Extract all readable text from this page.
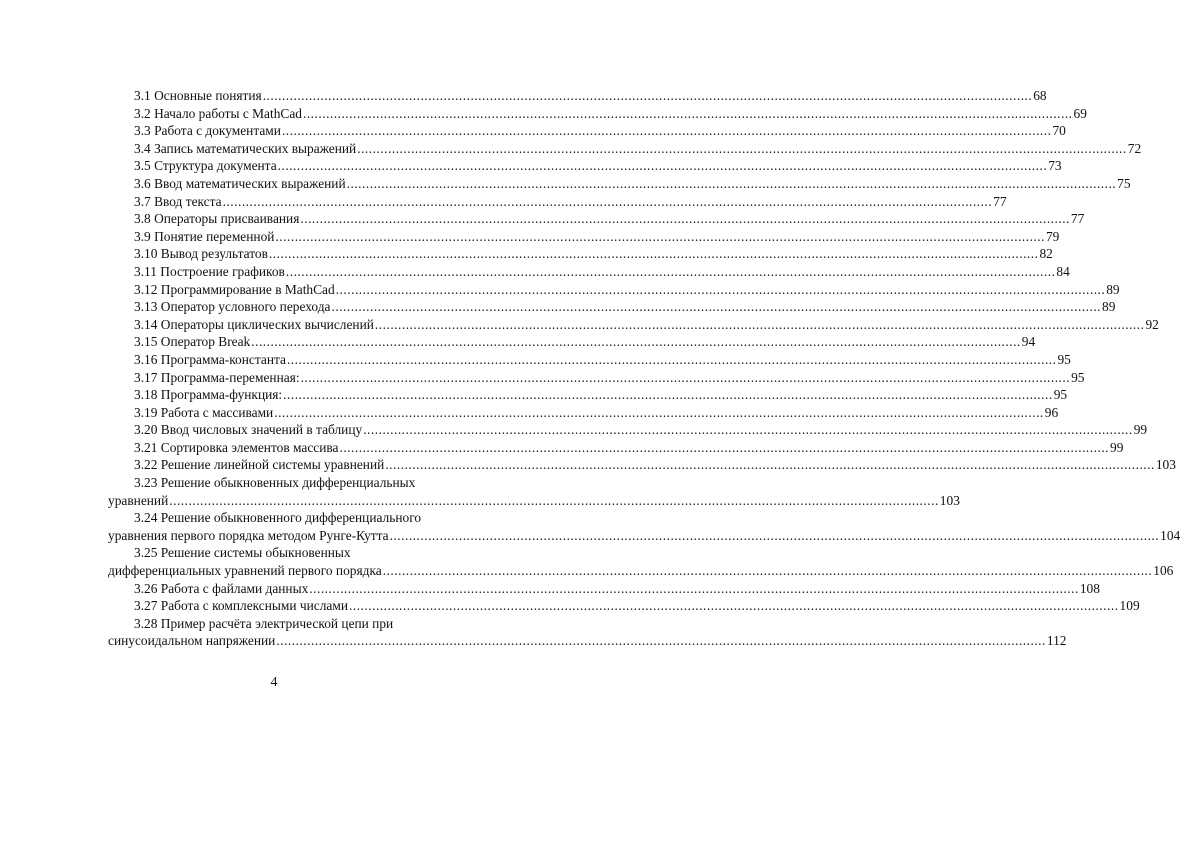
3.1 Основные понятия ........................................................................................................................................................................................................ 68
3.2 Начало работы с MathCad ........................................................................................................................................................................................................ 69
3.3 Работа с документами ........................................................................................................................................................................................................ 70
3.4 Запись математических выражений ........................................................................................................................................................................................................ 72
3.5 Структура документа ........................................................................................................................................................................................................ 73
3.6 Ввод математических выражений ........................................................................................................................................................................................................ 75
3.7 Ввод текста ........................................................................................................................................................................................................ 77
3.8 Операторы присваивания ........................................................................................................................................................................................................ 77
3.9 Понятие переменной ........................................................................................................................................................................................................ 79
3.10 Вывод результатов ........................................................................................................................................................................................................ 82
3.11 Построение графиков ........................................................................................................................................................................................................ 84
3.12 Программирование в MathCad ........................................................................................................................................................................................................ 89
3.13 Оператор условного перехода ........................................................................................................................................................................................................ 89
3.14 Операторы циклических вычислений ........................................................................................................................................................................................................ 92
3.15 Оператор Break ........................................................................................................................................................................................................ 94
3.16 Программа-константа ........................................................................................................................................................................................................ 95
3.17 Программа-переменная: ........................................................................................................................................................................................................ 95
3.18 Программа-функция: ........................................................................................................................................................................................................ 95
3.19 Работа с массивами ........................................................................................................................................................................................................ 96
3.20 Ввод числовых значений в таблицу ........................................................................................................................................................................................................ 99
3.21 Сортировка элементов массива ........................................................................................................................................................................................................ 99
3.22 Решение линейной системы уравнений ........................................................................................................................................................................................................ 103
3.23 Решение обыкновенных дифференциальных
уравнений ........................................................................................................................................................................................................ 103
3.24 Решение обыкновенного дифференциального
уравнения первого порядка методом Рунге-Кутта ........................................................................................................................................................................................................ 104
3.25 Решение системы обыкновенных
дифференциальных уравнений первого порядка ........................................................................................................................................................................................................ 106
3.26 Работа с файлами данных ........................................................................................................................................................................................................ 108
3.27 Работа с комплексными числами ........................................................................................................................................................................................................ 109
3.28 Пример расчёта электрической цепи при
синусоидальном напряжении ........................................................................................................................................................................................................ 112
4
